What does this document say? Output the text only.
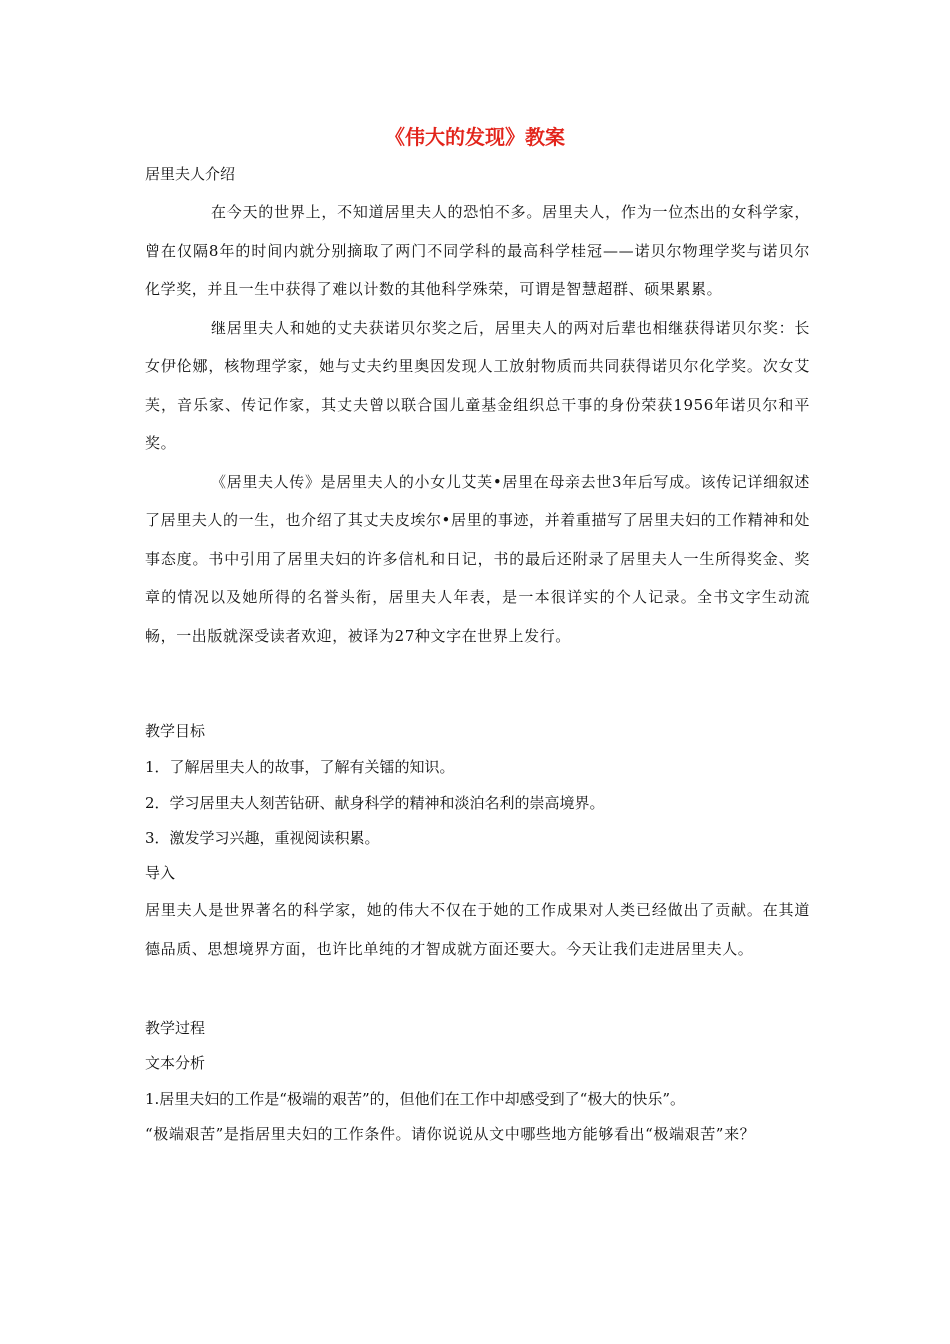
《伟大的发现》教案

居里夫人介绍

在今天的世界上，不知道居里夫人的恐怕不多。居里夫人，作为一位杰出的女科学家，曾在仅隔8年的时间内就分别摘取了两门不同学科的最高科学桂冠——诺贝尔物理学奖与诺贝尔化学奖，并且一生中获得了难以计数的其他科学殊荣，可谓是智慧超群、硕果累累。

继居里夫人和她的丈夫获诺贝尔奖之后，居里夫人的两对后辈也相继获得诺贝尔奖：长女伊伦娜，核物理学家，她与丈夫约里奥因发现人工放射物质而共同获得诺贝尔化学奖。次女艾芙，音乐家、传记作家，其丈夫曾以联合国儿童基金组织总干事的身份荣获1956年诺贝尔和平奖。

《居里夫人传》是居里夫人的小女儿艾芙•居里在母亲去世3年后写成。该传记详细叙述了居里夫人的一生，也介绍了其丈夫皮埃尔•居里的事迹，并着重描写了居里夫妇的工作精神和处事态度。书中引用了居里夫妇的许多信札和日记，书的最后还附录了居里夫人一生所得奖金、奖章的情况以及她所得的名誉头衔，居里夫人年表，是一本很详实的个人记录。全书文字生动流畅，一出版就深受读者欢迎，被译为27种文字在世界上发行。

教学目标

1．了解居里夫人的故事，了解有关镭的知识。

2．学习居里夫人刻苦钻研、献身科学的精神和淡泊名利的崇高境界。

3．激发学习兴趣，重视阅读积累。

导入

居里夫人是世界著名的科学家，她的伟大不仅在于她的工作成果对人类已经做出了贡献。在其道德品质、思想境界方面，也许比单纯的才智成就方面还要大。今天让我们走进居里夫人。

教学过程

文本分析

1.居里夫妇的工作是“极端的艰苦”的，但他们在工作中却感受到了“极大的快乐”。

“极端艰苦”是指居里夫妇的工作条件。请你说说从文中哪些地方能够看出“极端艰苦”来？
